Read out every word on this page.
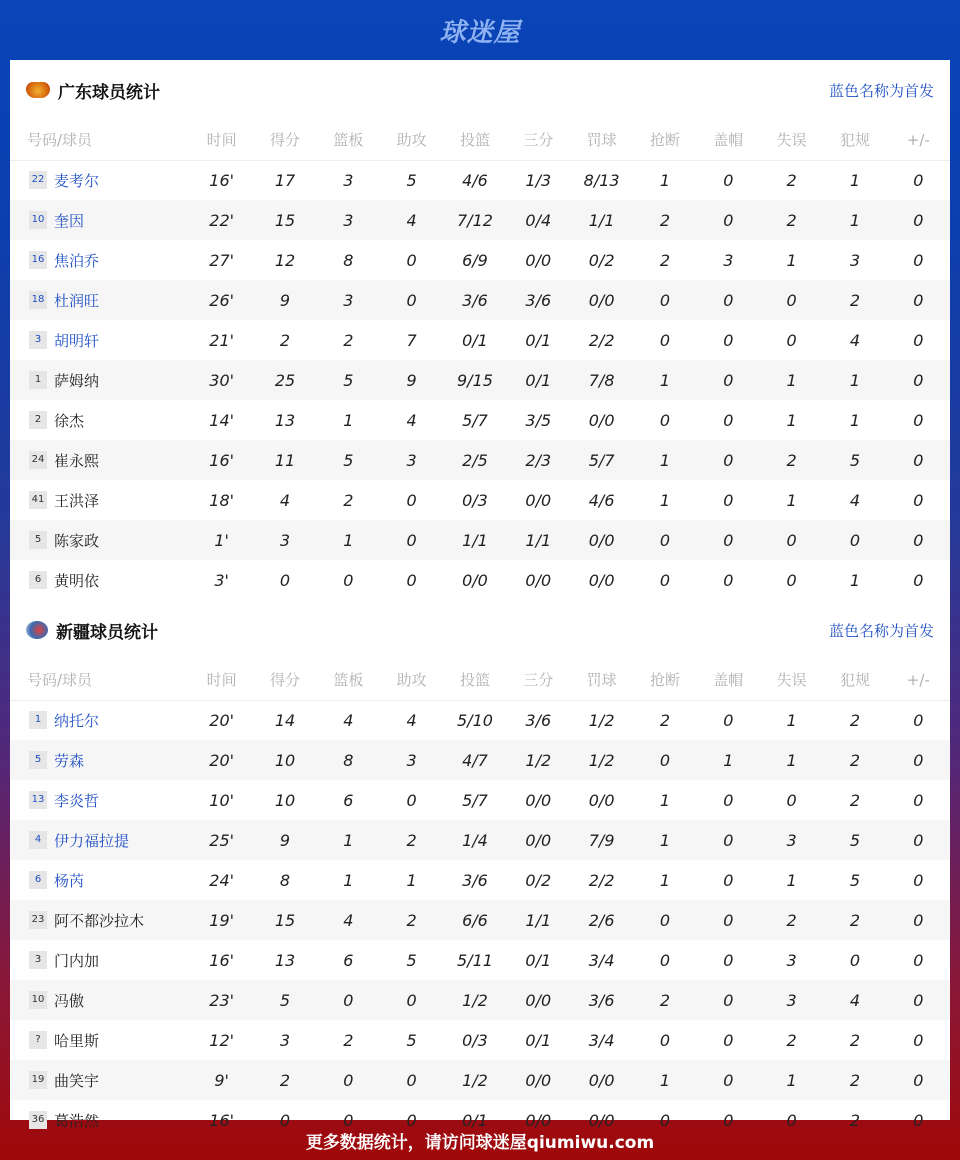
球迷屋
广东球员统计	蓝色名称为首发
号码/球员	时间	得分	篮板	助攻	投篮	三分	罚球	抢断	盖帽	失误	犯规	+/-
22 麦考尔	16'	17	3	5	4/6	1/3	8/13	1	0	2	1	0
10 奎因	22'	15	3	4	7/12	0/4	1/1	2	0	2	1	0
16 焦泊乔	27'	12	8	0	6/9	0/0	0/2	2	3	1	3	0
18 杜润旺	26'	9	3	0	3/6	3/6	0/0	0	0	0	2	0
3 胡明轩	21'	2	2	7	0/1	0/1	2/2	0	0	0	4	0
1 萨姆纳	30'	25	5	9	9/15	0/1	7/8	1	0	1	1	0
2 徐杰	14'	13	1	4	5/7	3/5	0/0	0	0	1	1	0
24 崔永熙	16'	11	5	3	2/5	2/3	5/7	1	0	2	5	0
41 王洪泽	18'	4	2	0	0/3	0/0	4/6	1	0	1	4	0
5 陈家政	1'	3	1	0	1/1	1/1	0/0	0	0	0	0	0
6 黄明依	3'	0	0	0	0/0	0/0	0/0	0	0	0	1	0
新疆球员统计	蓝色名称为首发
号码/球员	时间	得分	篮板	助攻	投篮	三分	罚球	抢断	盖帽	失误	犯规	+/-
1 纳托尔	20'	14	4	4	5/10	3/6	1/2	2	0	1	2	0
5 劳森	20'	10	8	3	4/7	1/2	1/2	0	1	1	2	0
13 李炎哲	10'	10	6	0	5/7	0/0	0/0	1	0	0	2	0
4 伊力福拉提	25'	9	1	2	1/4	0/0	7/9	1	0	3	5	0
6 杨芮	24'	8	1	1	3/6	0/2	2/2	1	0	1	5	0
23 阿不都沙拉木	19'	15	4	2	6/6	1/1	2/6	0	0	2	2	0
3 门内加	16'	13	6	5	5/11	0/1	3/4	0	0	3	0	0
10 冯傲	23'	5	0	0	1/2	0/0	3/6	2	0	3	4	0
? 哈里斯	12'	3	2	5	0/3	0/1	3/4	0	0	2	2	0
19 曲笑宇	9'	2	0	0	1/2	0/0	0/0	1	0	1	2	0
36 葛浩然	16'	0	0	0	0/1	0/0	0/0	0	0	0	2	0
更多数据统计，请访问球迷屋qiumiwu.com
